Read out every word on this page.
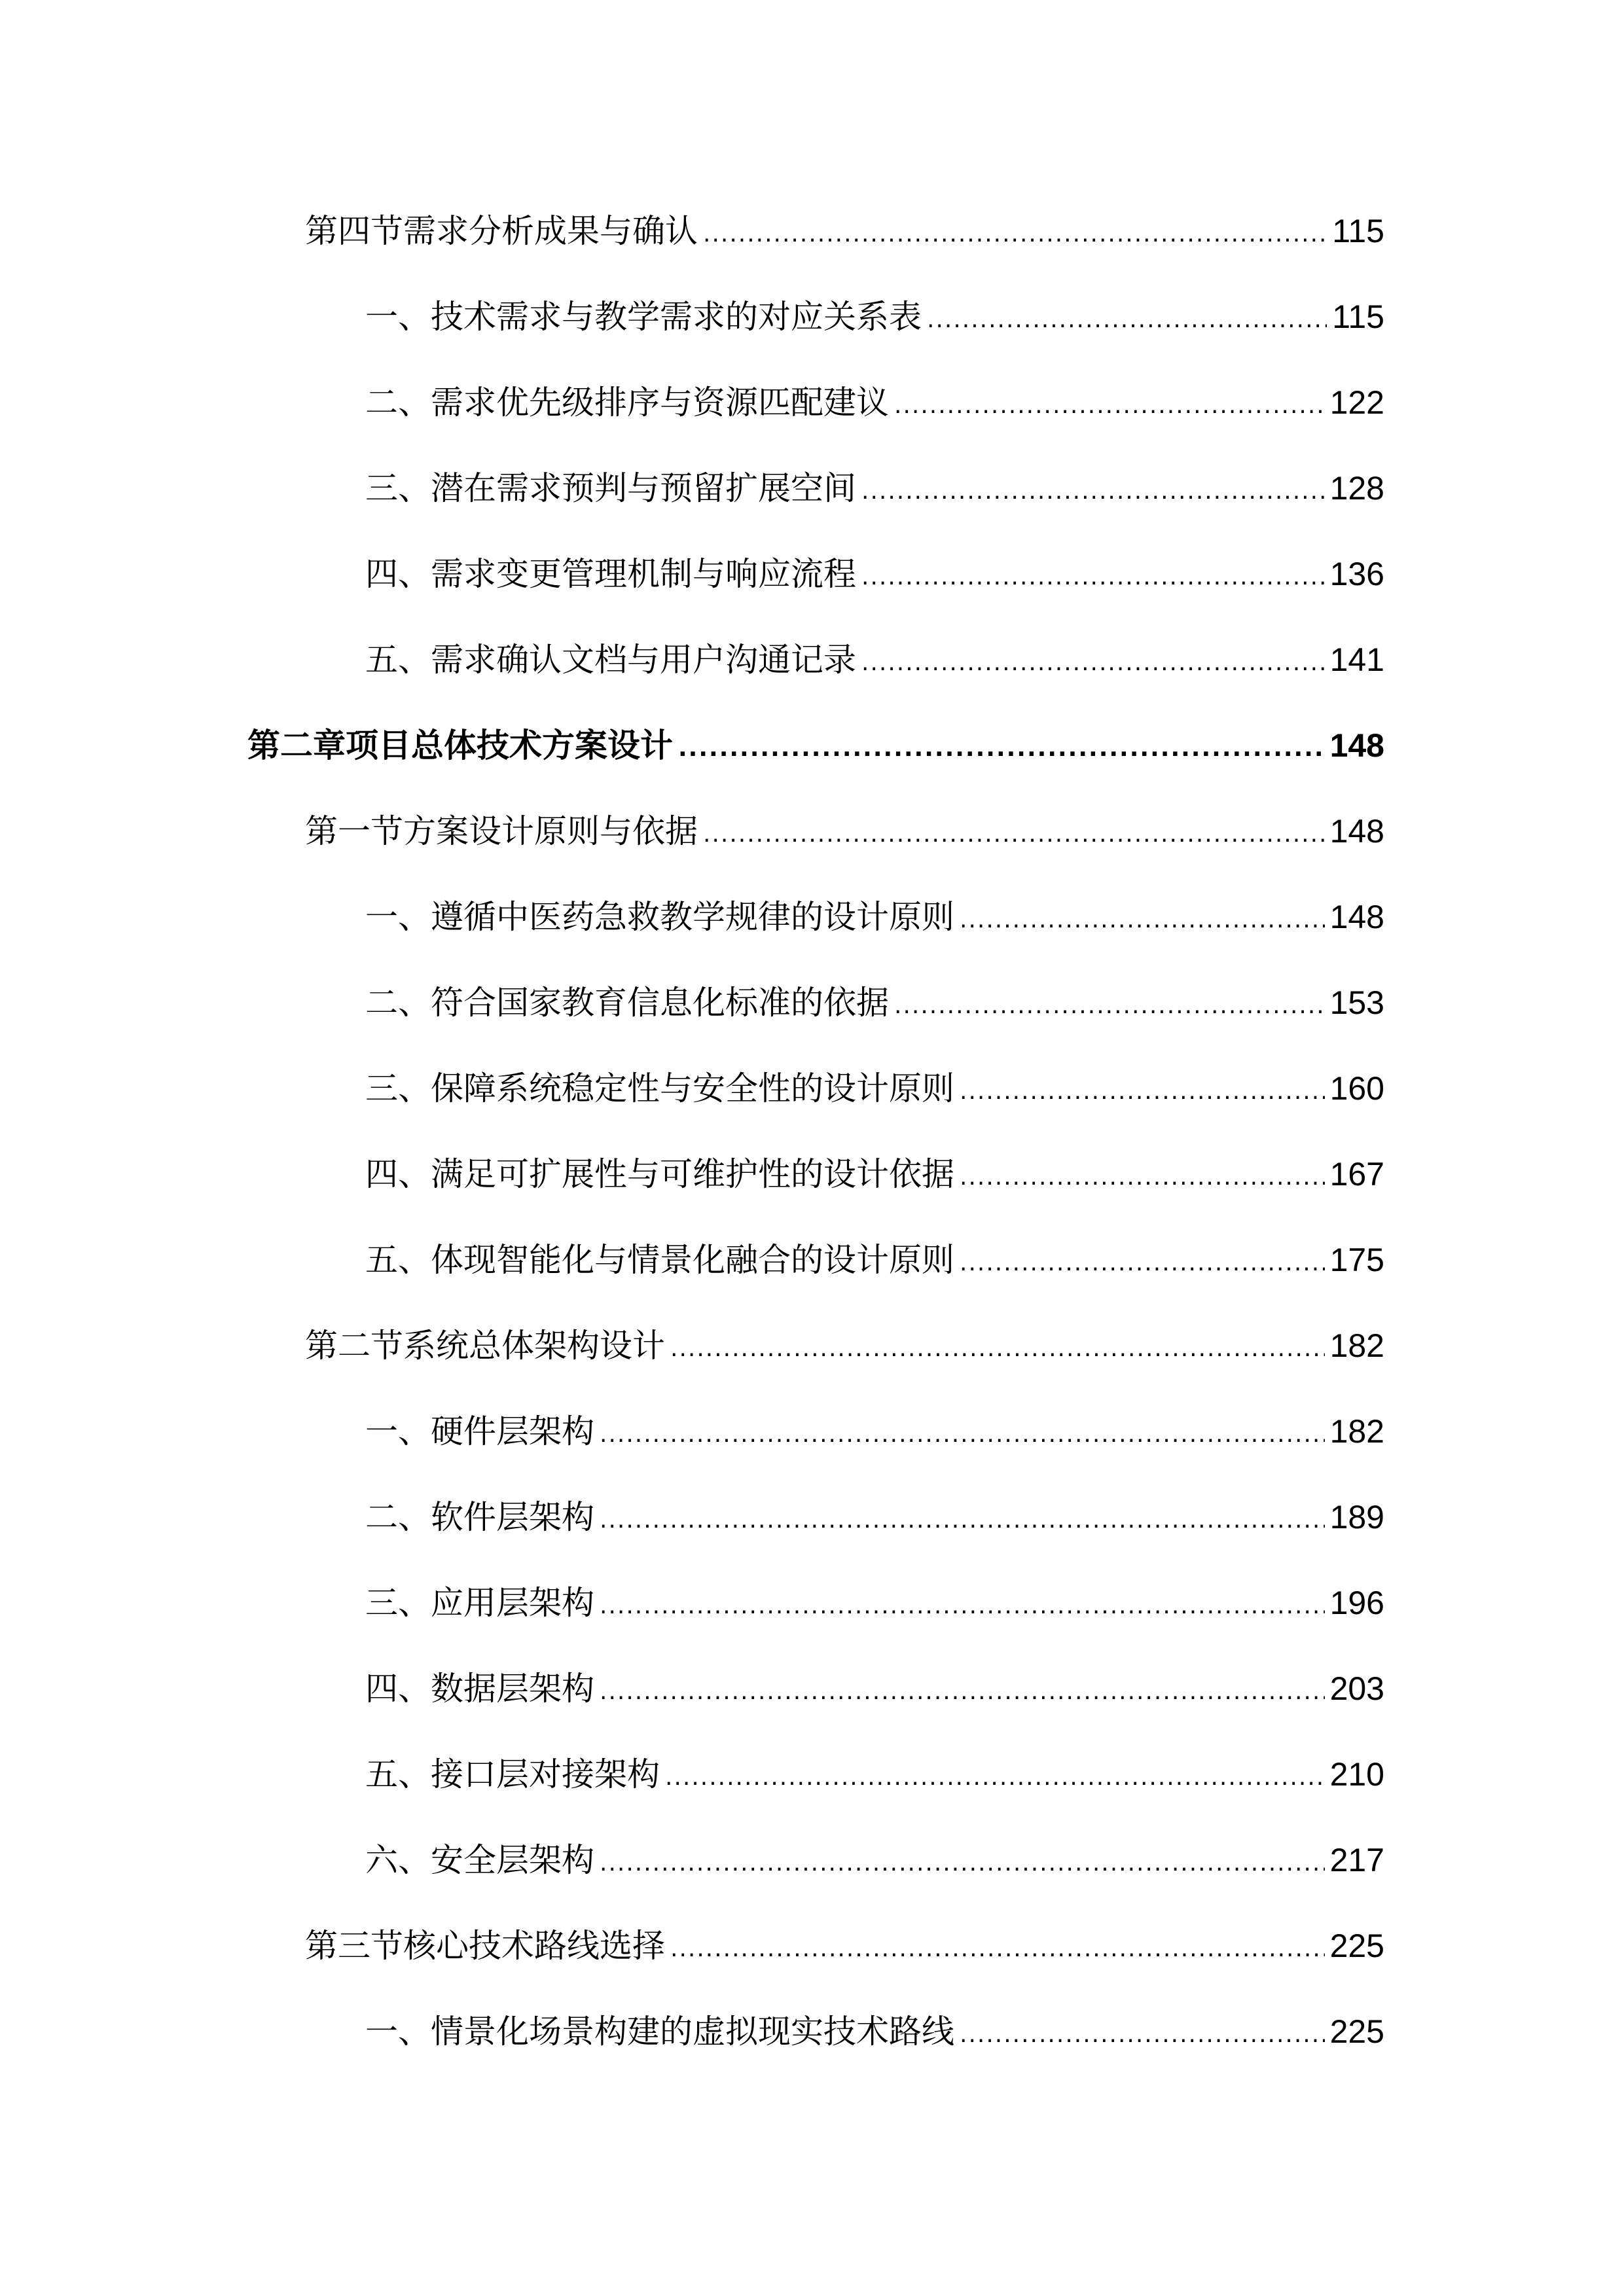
第四节需求分析成果与确认 .....	115
一、技术需求与教学需求的对应关系表 .....	115
二、需求优先级排序与资源匹配建议 .....	122
三、潜在需求预判与预留扩展空间 .....	128
四、需求变更管理机制与响应流程 .....	136
五、需求确认文档与用户沟通记录 .....	141
第二章项目总体技术方案设计 .....	148
第一节方案设计原则与依据 .....	148
一、遵循中医药急救教学规律的设计原则 .....	148
二、符合国家教育信息化标准的依据 .....	153
三、保障系统稳定性与安全性的设计原则 .....	160
四、满足可扩展性与可维护性的设计依据 .....	167
五、体现智能化与情景化融合的设计原则 .....	175
第二节系统总体架构设计 .....	182
一、硬件层架构 .....	182
二、软件层架构 .....	189
三、应用层架构 .....	196
四、数据层架构 .....	203
五、接口层对接架构 .....	210
六、安全层架构 .....	217
第三节核心技术路线选择 .....	225
一、情景化场景构建的虚拟现实技术路线 .....	225
